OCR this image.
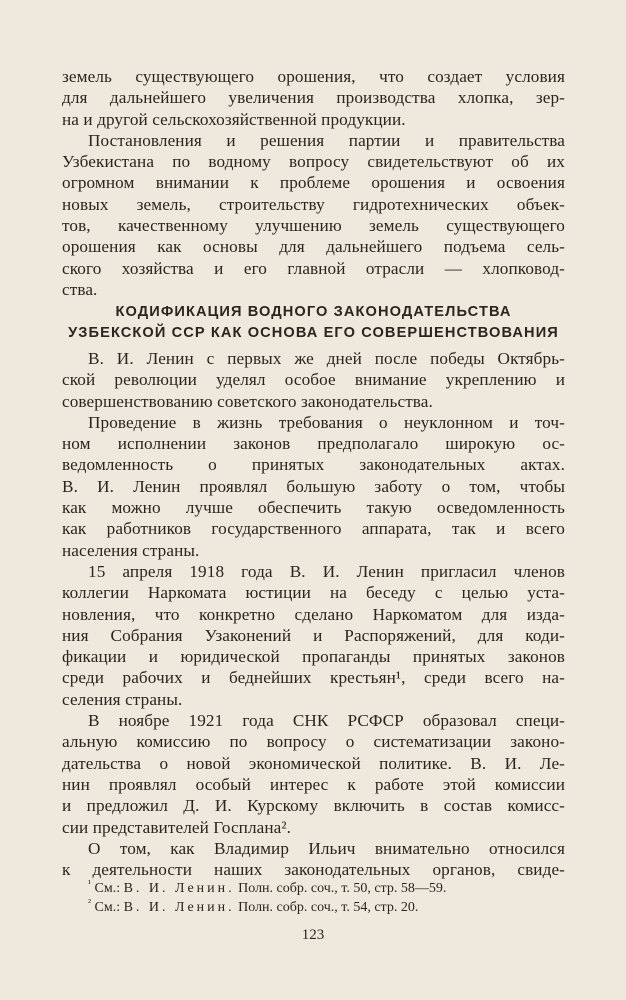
земель существующего орошения, что создает условия
для дальнейшего увеличения производства хлопка, зер-
на и другой сельскохозяйственной продукции.
Постановления и решения партии и правительства
Узбекистана по водному вопросу свидетельствуют об их
огромном внимании к проблеме орошения и освоения
новых земель, строительству гидротехнических объек-
тов, качественному улучшению земель существующего
орошения как основы для дальнейшего подъема сель-
ского хозяйства и его главной отрасли — хлопковод-
ства.
КОДИФИКАЦИЯ ВОДНОГО ЗАКОНОДАТЕЛЬСТВА
УЗБЕКСКОЙ ССР КАК ОСНОВА ЕГО СОВЕРШЕНСТВОВАНИЯ
В. И. Ленин с первых же дней после победы Октябрь-
ской революции уделял особое внимание укреплению и
совершенствованию советского законодательства.
Проведение в жизнь требования о неуклонном и точ-
ном исполнении законов предполагало широкую ос-
ведомленность о принятых законодательных актах.
В. И. Ленин проявлял большую заботу о том, чтобы
как можно лучше обеспечить такую осведомленность
как работников государственного аппарата, так и всего
населения страны.
15 апреля 1918 года В. И. Ленин пригласил членов
коллегии Наркомата юстиции на беседу с целью уста-
новления, что конкретно сделано Наркоматом для изда-
ния Собрания Узаконений и Распоряжений, для коди-
фикации и юридической пропаганды принятых законов
среди рабочих и беднейших крестьян¹, среди всего на-
селения страны.
В ноябре 1921 года СНК РСФСР образовал специ-
альную комиссию по вопросу о систематизации законо-
дательства о новой экономической политике. В. И. Ле-
нин проявлял особый интерес к работе этой комиссии
и предложил Д. И. Курскому включить в состав комисс-
сии представителей Госплана².
О том, как Владимир Ильич внимательно относился
к деятельности наших законодательных органов, свиде-
$^{^1}$ См.: В. И. Ленин. Полн. собр. соч., т. 50, стр. 58—59.
$^{^2}$ См.: В. И. Ленин. Полн. собр. соч., т. 54, стр. 20.
123
